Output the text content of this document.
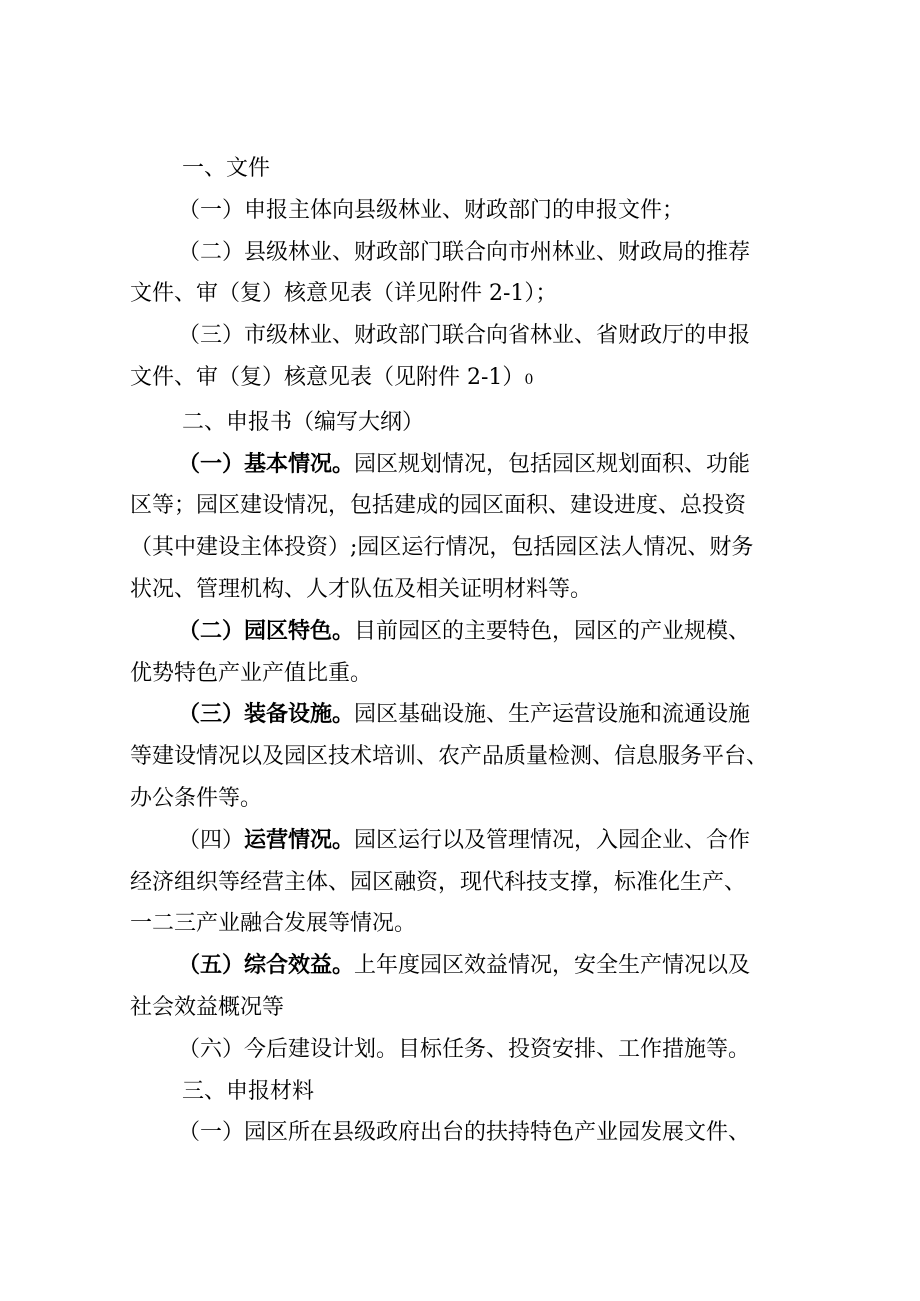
一、文件
（一）申报主体向县级林业、财政部门的申报文件；
（二）县级林业、财政部门联合向市州林业、财政局的推荐
文件、审（复）核意见表（详见附件 2-1）；
（三）市级林业、财政部门联合向省林业、省财政厅的申报
文件、审（复）核意见表（见附件 2-1）0
二、申报书（编写大纲）
（一）基本情况。园区规划情况，包括园区规划面积、功能
区等；园区建设情况，包括建成的园区面积、建设进度、总投资
（其中建设主体投资）;园区运行情况，包括园区法人情况、财务
状况、管理机构、人才队伍及相关证明材料等。
（二）园区特色。目前园区的主要特色，园区的产业规模、
优势特色产业产值比重。
（三）装备设施。园区基础设施、生产运营设施和流通设施
等建设情况以及园区技术培训、农产品质量检测、信息服务平台、
办公条件等。
（四）运营情况。园区运行以及管理情况，入园企业、合作
经济组织等经营主体、园区融资，现代科技支撑，标准化生产、
一二三产业融合发展等情况。
（五）综合效益。上年度园区效益情况，安全生产情况以及
社会效益概况等
（六）今后建设计划。目标任务、投资安排、工作措施等。
三、申报材料
（一）园区所在县级政府出台的扶持特色产业园发展文件、
